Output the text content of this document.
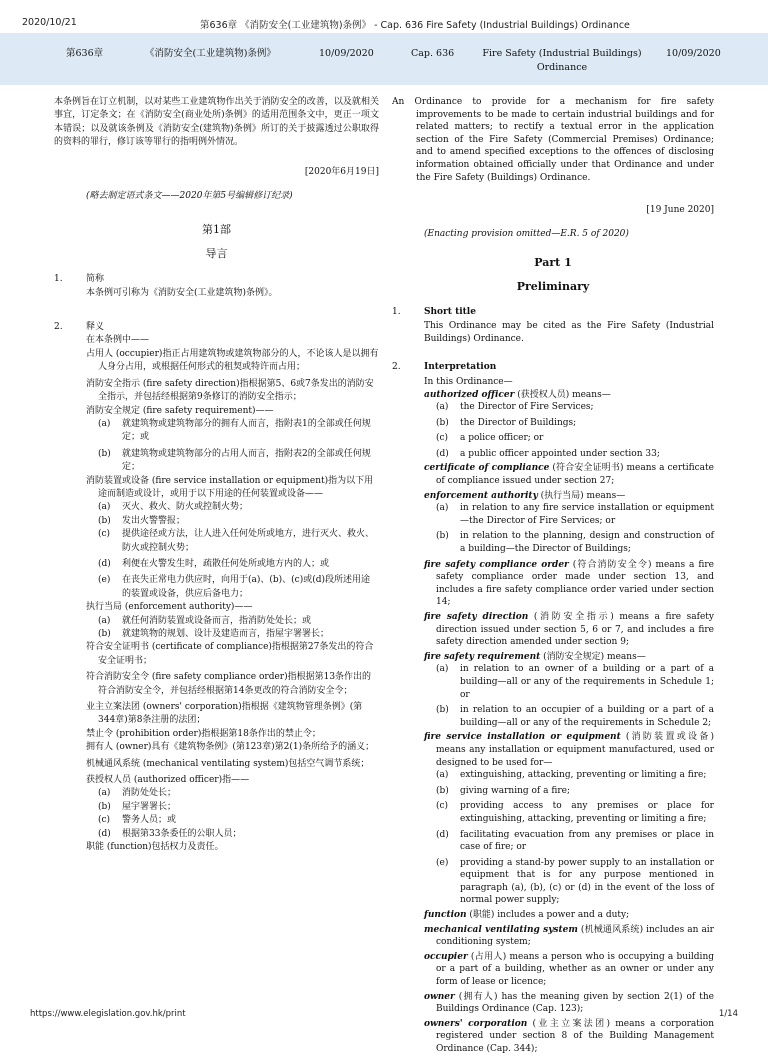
2020/10/21	第636章 《消防安全(工业建筑物)条例》 - Cap. 636 Fire Safety (Industrial Buildings) Ordinance
第636章	《消防安全(工业建筑物)条例》	10/09/2020	Cap. 636	Fire Safety (Industrial Buildings)
Ordinance
10/09/2020

本条例旨在订立机制，以对某些工业建筑物作出关于消防安全的改善，以及就相关事宜，订定条文；在《消防安全(商业处所)条例》的适用范围条文中，更正一项文本错误；以及就该条例及《消防安全(建筑物)条例》所订的关于披露透过公职取得的资料的罪行，修订该等罪行的指明例外情况。

[2020年6月19日]

(略去制定语式条文——2020年第5号编辑修订纪录)

第1部

导言

1.	简称

本条例可引称为《消防安全(工业建筑物)条例》。

2.	释义

在本条例中——

占用人 (occupier)指正占用建筑物或建筑物部分的人，不论该人是以拥有人身分占用，或根据任何形式的租契或特许而占用；

消防安全指示 (fire safety direction)指根据第5、6或7条发出的消防安全指示，并包括经根据第9条修订的消防安全指示；

消防安全规定 (fire safety requirement)——

(a) 就建筑物或建筑物部分的拥有人而言，指附表1的全部或任何规定；或
(b) 就建筑物或建筑物部分的占用人而言，指附表2的全部或任何规定；

消防装置或设备 (fire service installation or equipment)指为以下用途而制造或设计，或用于以下用途的任何装置或设备——

(a) 灭火、救火、防火或控制火势；
(b) 发出火警警报；
(c) 提供途径或方法，让人进入任何处所或地方，进行灭火、救火、防火或控制火势；
(d) 利便在火警发生时，疏散任何处所或地方内的人；或
(e) 在丧失正常电力供应时，向用于(a)、(b)、(c)或(d)段所述用途的装置或设备，供应后备电力；

执行当局 (enforcement authority)——

(a) 就任何消防装置或设备而言，指消防处处长；或
(b) 就建筑物的规划、设计及建造而言，指屋宇署署长；

符合安全证明书 (certificate of compliance)指根据第27条发出的符合安全证明书；

符合消防安全令 (fire safety compliance order)指根据第13条作出的符合消防安全令，并包括经根据第14条更改的符合消防安全令；

业主立案法团 (owners' corporation)指根据《建筑物管理条例》(第344章)第8条注册的法团；

禁止令 (prohibition order)指根据第18条作出的禁止令；

拥有人 (owner)具有《建筑物条例》(第123章)第2(1)条所给予的涵义；

机械通风系统 (mechanical ventilating system)包括空气调节系统；

获授权人员 (authorized officer)指——

(a) 消防处处长；
(b) 屋宇署署长；
(c) 警务人员；或
(d) 根据第33条委任的公职人员；

职能 (function)包括权力及责任。

An Ordinance to provide for a mechanism for fire safety improvements to be made to certain industrial buildings and for related matters; to rectify a textual error in the application section of the Fire Safety (Commercial Premises) Ordinance; and to amend specified exceptions to the offences of disclosing information obtained officially under that Ordinance and under the Fire Safety (Buildings) Ordinance.

[19 June 2020]

(Enacting provision omitted—E.R. 5 of 2020)

Part 1

Preliminary

1.	Short title

This Ordinance may be cited as the Fire Safety (Industrial Buildings) Ordinance.

2.	Interpretation

In this Ordinance—

authorized officer (获授权人员) means—

(a) the Director of Fire Services;
(b) the Director of Buildings;
(c) a police officer; or
(d) a public officer appointed under section 33;

certificate of compliance (符合安全证明书) means a certificate of compliance issued under section 27;

enforcement authority (执行当局) means—

(a) in relation to any fire service installation or equipment—the Director of Fire Services; or
(b) in relation to the planning, design and construction of a building—the Director of Buildings;

fire safety compliance order (符合消防安全令) means a fire safety compliance order made under section 13, and includes a fire safety compliance order varied under section 14;

fire safety direction (消防安全指示) means a fire safety direction issued under section 5, 6 or 7, and includes a fire safety direction amended under section 9;

fire safety requirement (消防安全规定) means—

(a) in relation to an owner of a building or a part of a building—all or any of the requirements in Schedule 1; or
(b) in relation to an occupier of a building or a part of a building—all or any of the requirements in Schedule 2;

fire service installation or equipment (消防装置或设备) means any installation or equipment manufactured, used or designed to be used for—

(a) extinguishing, attacking, preventing or limiting a fire;
(b) giving warning of a fire;
(c) providing access to any premises or place for extinguishing, attacking, preventing or limiting a fire;
(d) facilitating evacuation from any premises or place in case of fire; or
(e) providing a stand-by power supply to an installation or equipment that is for any purpose mentioned in paragraph (a), (b), (c) or (d) in the event of the loss of normal power supply;

function (职能) includes a power and a duty;

mechanical ventilating system (机械通风系统) includes an air conditioning system;

occupier (占用人) means a person who is occupying a building or a part of a building, whether as an owner or under any form of lease or licence;

owner (拥有人) has the meaning given by section 2(1) of the Buildings Ordinance (Cap. 123);

owners' corporation (业主立案法团) means a corporation registered under section 8 of the Building Management Ordinance (Cap. 344);

https://www.elegislation.gov.hk/print	1/14
